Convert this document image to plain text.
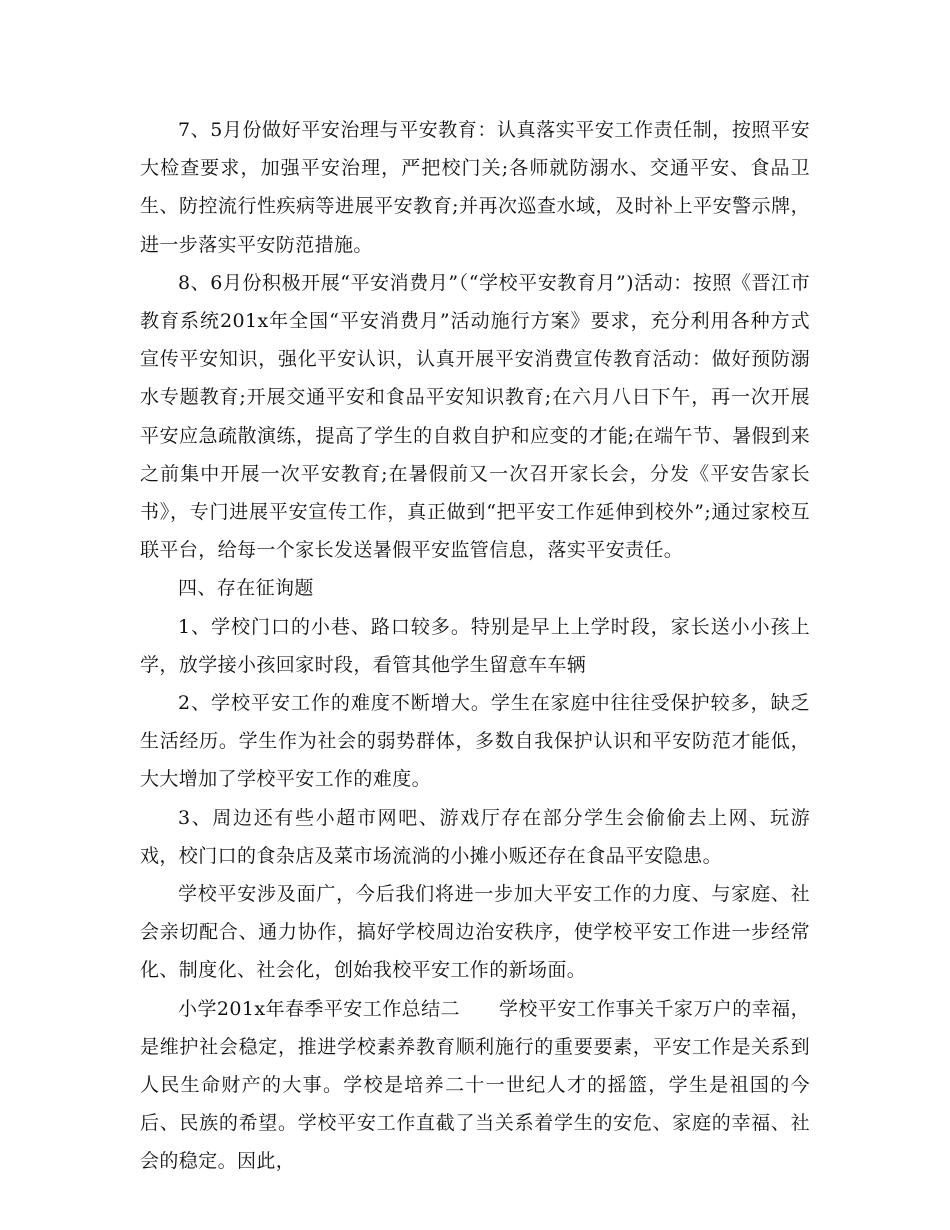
7、5月份做好平安治理与平安教育：认真落实平安工作责任制，按照平安大检查要求，加强平安治理，严把校门关;各师就防溺水、交通平安、食品卫生、防控流行性疾病等进展平安教育;并再次巡查水域，及时补上平安警示牌，进一步落实平安防范措施。

8、6月份积极开展“平安消费月”（“学校平安教育月”)活动：按照《晋江市教育系统201x年全国“平安消费月”活动施行方案》要求，充分利用各种方式宣传平安知识，强化平安认识，认真开展平安消费宣传教育活动：做好预防溺水专题教育;开展交通平安和食品平安知识教育;在六月八日下午，再一次开展平安应急疏散演练，提高了学生的自救自护和应变的才能;在端午节、暑假到来之前集中开展一次平安教育;在暑假前又一次召开家长会，分发《平安告家长书》，专门进展平安宣传工作，真正做到“把平安工作延伸到校外”;通过家校互联平台，给每一个家长发送暑假平安监管信息，落实平安责任。

四、存在征询题

1、学校门口的小巷、路口较多。特别是早上上学时段，家长送小小孩上学，放学接小孩回家时段，看管其他学生留意车车辆

2、学校平安工作的难度不断增大。学生在家庭中往往受保护较多，缺乏生活经历。学生作为社会的弱势群体，多数自我保护认识和平安防范才能低，大大增加了学校平安工作的难度。

3、周边还有些小超市网吧、游戏厅存在部分学生会偷偷去上网、玩游戏，校门口的食杂店及菜市场流淌的小摊小贩还存在食品平安隐患。

学校平安涉及面广，今后我们将进一步加大平安工作的力度、与家庭、社会亲切配合、通力协作，搞好学校周边治安秩序，使学校平安工作进一步经常化、制度化、社会化，创始我校平安工作的新场面。

小学201x年春季平安工作总结二　　学校平安工作事关千家万户的幸福，是维护社会稳定，推进学校素养教育顺利施行的重要要素，平安工作是关系到人民生命财产的大事。学校是培养二十一世纪人才的摇篮，学生是祖国的今后、民族的希望。学校平安工作直截了当关系着学生的安危、家庭的幸福、社会的稳定。因此，
